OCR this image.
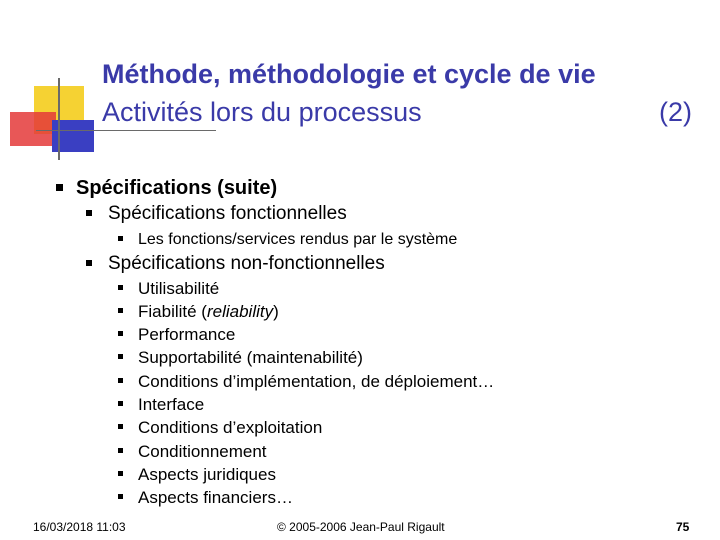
Méthode, méthodologie et cycle de vie
Activités lors du processus	(2)
Spécifications (suite)
Spécifications fonctionnelles
Les fonctions/services rendus par le système
Spécifications non-fonctionnelles
Utilisabilité
Fiabilité (reliability)
Performance
Supportabilité (maintenabilité)
Conditions d’implémentation, de déploiement…
Interface
Conditions d’exploitation
Conditionnement
Aspects juridiques
Aspects financiers…
16/03/2018 11:03	© 2005-2006 Jean-Paul Rigault	75
